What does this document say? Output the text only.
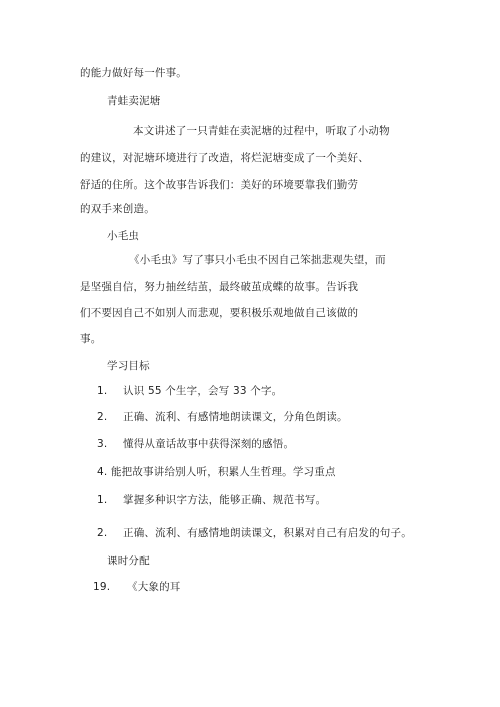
的能力做好每一件事。
青蛙卖泥塘
本文讲述了一只青蛙在卖泥塘的过程中，听取了小动物
的建议，对泥塘环境进行了改造，将烂泥塘变成了一个美好、
舒适的住所。这个故事告诉我们：美好的环境要靠我们勤劳
的双手来创造。
小毛虫
《小毛虫》写了事只小毛虫不因自己笨拙悲观失望，而
是坚强自信，努力抽丝结茧，最终破茧成蝶的故事。告诉我
们不要因自己不如别人而悲观，要积极乐观地做自己该做的
事。
学习目标
1. 认识 55 个生字，会写 33 个字。
2. 正确、流利、有感情地朗读课文，分角色朗读。
3. 懂得从童话故事中获得深刻的感悟。
4. 能把故事讲给别人听，积累人生哲理。学习重点
1. 掌握多种识字方法，能够正确、规范书写。
2. 正确、流利、有感情地朗读课文，积累对自己有启发的句子。
课时分配
19. 《大象的耳
